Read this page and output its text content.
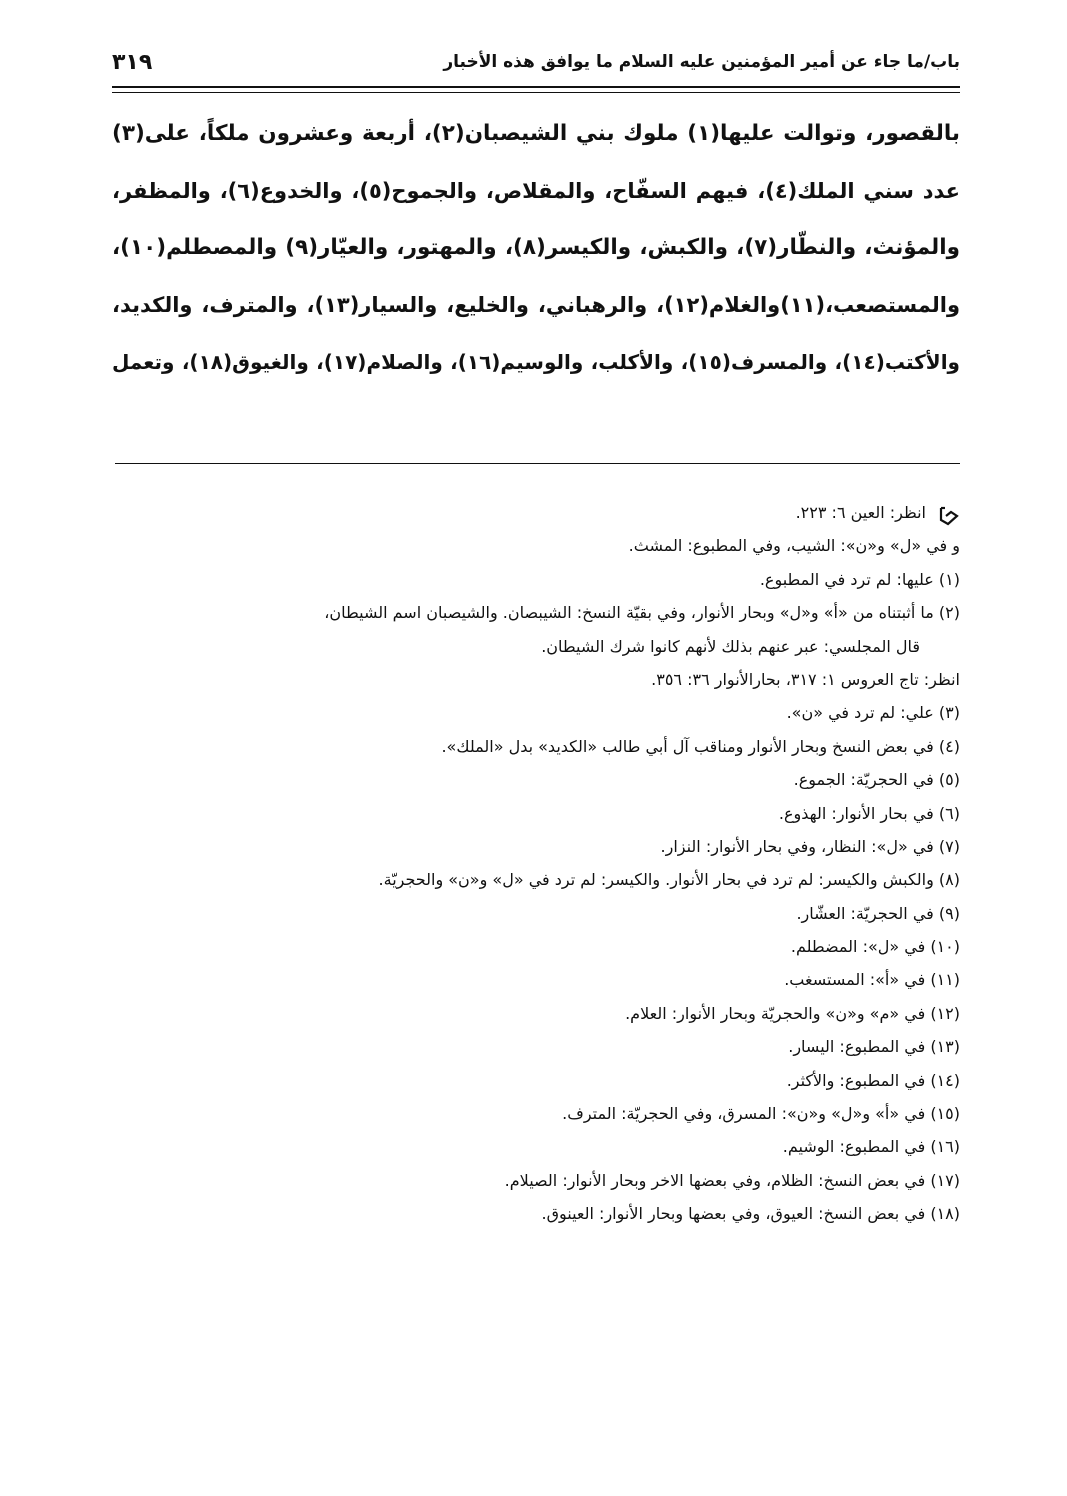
٣١٩	باب/ما جاء عن أمير المؤمنين عليه السلام ما يوافق هذه الأخبار
بالقصور، وتوالت عليها(١) ملوك بني الشيصبان(٢)، أربعة وعشرون ملكاً، على(٣)
عدد سني الملك(٤)، فيهم السفّاح، والمقلاص، والجموح(٥)، والخدوع(٦)، والمظفر،
والمؤنث، والنطّار(٧)، والكبش، والكيسر(٨)، والمهتور، والعيّار(٩) والمصطلم(١٠)،
والمستصعب،(١١)والغلام(١٢)، والرهباني، والخليع، والسيار(١٣)، والمترف، والكديد،
والأكتب(١٤)، والمسرف(١٥)، والأكلب، والوسيم(١٦)، والصلام(١٧)، والغيوق(١٨)، وتعمل
انظر: العين ٦: ٢٢٣.
و في «ل» و«ن»: الشيب، وفي المطبوع: المشث.
(١) عليها: لم ترد في المطبوع.
(٢) ما أثبتناه من «أ» و«ل» وبحار الأنوار، وفي بقيّة النسخ: الشيبصان. والشيصبان اسم الشيطان،
قال المجلسي: عبر عنهم بذلك لأنهم كانوا شرك الشيطان.
انظر: تاج العروس ١: ٣١٧، بحارالأنوار ٣٦: ٣٥٦.
(٣) علي: لم ترد في «ن».
(٤) في بعض النسخ وبحار الأنوار ومناقب آل أبي طالب «الكديد» بدل «الملك».
(٥) في الحجريّة: الجموع.
(٦) في بحار الأنوار: الهذوع.
(٧) في «ل»: النظار، وفي بحار الأنوار: النزار.
(٨) والكبش والكيسر: لم ترد في بحار الأنوار. والكيسر: لم ترد في «ل» و«ن» والحجريّة.
(٩) في الحجريّة: العشّار.
(١٠) في «ل»: المضطلم.
(١١) في «أ»: المستسغب.
(١٢) في «م» و«ن» والحجريّة وبحار الأنوار: العلام.
(١٣) في المطبوع: اليسار.
(١٤) في المطبوع: والأكثر.
(١٥) في «أ» و«ل» و«ن»: المسرق، وفي الحجريّة: المترف.
(١٦) في المطبوع: الوشيم.
(١٧) في بعض النسخ: الظلام، وفي بعضها الاخر وبحار الأنوار: الصيلام.
(١٨) في بعض النسخ: العيوق، وفي بعضها وبحار الأنوار: العينوق.
